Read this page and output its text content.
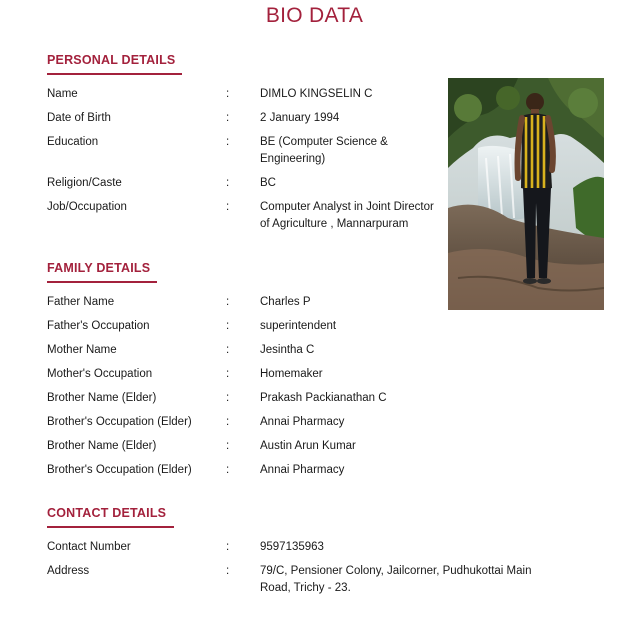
BIO DATA
PERSONAL DETAILS
Name	:	DIMLO KINGSELIN C
Date of Birth	:	2 January 1994
Education	:	BE (Computer Science &
Engineering)
Religion/Caste	:	BC
Job/Occupation	:	Computer Analyst in Joint Director
of Agriculture , Mannarpuram
FAMILY DETAILS
Father Name	:	Charles P
Father's Occupation	:	superintendent
Mother Name	:	Jesintha C
Mother's Occupation	:	Homemaker
Brother Name (Elder)	:	Prakash Packianathan C
Brother's Occupation (Elder)	:	Annai Pharmacy
Brother Name (Elder)	:	Austin Arun Kumar
Brother's Occupation (Elder)	:	Annai Pharmacy
CONTACT DETAILS
Contact Number	:	9597135963
Address	:	79/C, Pensioner Colony, Jailcorner, Pudhukottai Main
Road, Trichy - 23.
